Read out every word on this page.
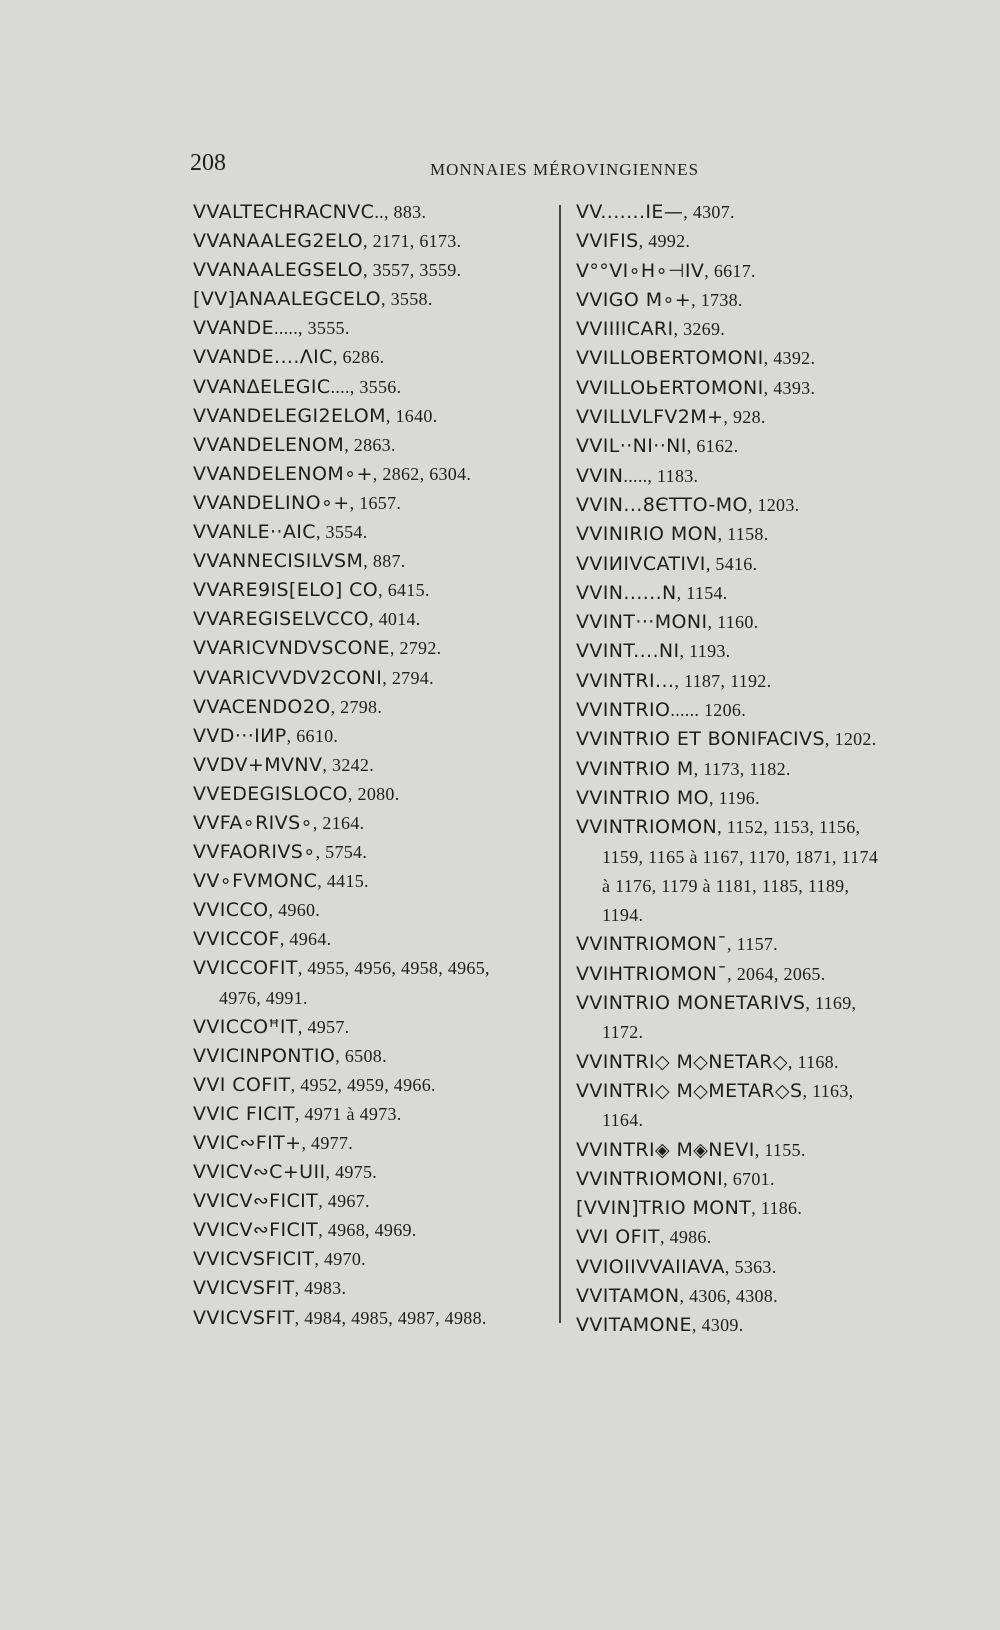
208	MONNAIES MÉROVINGIENNES
VVALTECHRACNVC.., 883.
VVANAALEG2ELO, 2171, 6173.
VVANAALEGSELO, 3557, 3559.
[VV]ANAALEGCELO, 3558.
VVANDE....., 3555.
VVANDE....ΛIC, 6286.
VVANΔELEGIC...., 3556.
VVANDELEGI2ELOM, 1640.
VVANDELENOM, 2863.
VVANDELENOM∘+, 2862, 6304.
VVANDELINO∘+, 1657.
VVANLE··AIC, 3554.
VVANNECISILVSM, 887.
VVARE9IS[ELO] CO, 6415.
VVAREGISELVCCO, 4014.
VVARICVNDVSCONE, 2792.
VVARICVVDV2CONI, 2794.
VVACENDO2O, 2798.
VVD···IИP, 6610.
VVDV+MVNV, 3242.
VVEDEGISLOCO, 2080.
VVFA∘RIVS∘, 2164.
VVFAORIVS∘, 5754.
VV∘FVMONC, 4415.
VVICCO, 4960.
VVICCOF, 4964.
VVICCOFIT, 4955, 4956, 4958, 4965,
4976, 4991.
VVICCOꟸIT, 4957.
VVICINPONTIO, 6508.
VVI COFIT, 4952, 4959, 4966.
VVIC FICIT, 4971 à 4973.
VVIC∾FIT+, 4977.
VVICV∾C+UII, 4975.
VVICV∾FICIT, 4967.
VVICV∾FICIT, 4968, 4969.
VVICVSFICIT, 4970.
VVICVSFIT, 4983.
VVICVSFIT, 4984, 4985, 4987, 4988.
VV.......IE—, 4307.
VVIFIS, 4992.
V°°VI∘H∘⊣IV, 6617.
VVIGO M∘+, 1738.
VVIIIICARI, 3269.
VVILLOBERTOMONI, 4392.
VVILLOЬERTOMONI, 4393.
VVILLVLFV2M+, 928.
VVIL··NI··NI, 6162.
VVIN....., 1183.
VVIN...8ЄTTO-MO, 1203.
VVINIRIO MON, 1158.
VVIИIVCATIVI, 5416.
VVIN......N, 1154.
VVINT···MONI, 1160.
VVINT....NI, 1193.
VVINTRI..., 1187, 1192.
VVINTRIO...... 1206.
VVINTRIO ET BONIFACIVS, 1202.
VVINTRIO M, 1173, 1182.
VVINTRIO MO, 1196.
VVINTRIOMON, 1152, 1153, 1156,
1159, 1165 à 1167, 1170, 1871, 1174
à 1176, 1179 à 1181, 1185, 1189,
1194.
VVINTRIOMON¯, 1157.
VVIHTRIOMON¯, 2064, 2065.
VVINTRIO MONETARIVS, 1169,
1172.
VVINTRI◇ M◇NETAR◇, 1168.
VVINTRI◇ M◇METAR◇S, 1163,
1164.
VVINTRI◈ M◈NEVI, 1155.
VVINTRIOMONI, 6701.
[VVIN]TRIO MONT, 1186.
VVI OFIT, 4986.
VVIOIIVVAIIAVA, 5363.
VVITAMON, 4306, 4308.
VVITAMONE, 4309.
